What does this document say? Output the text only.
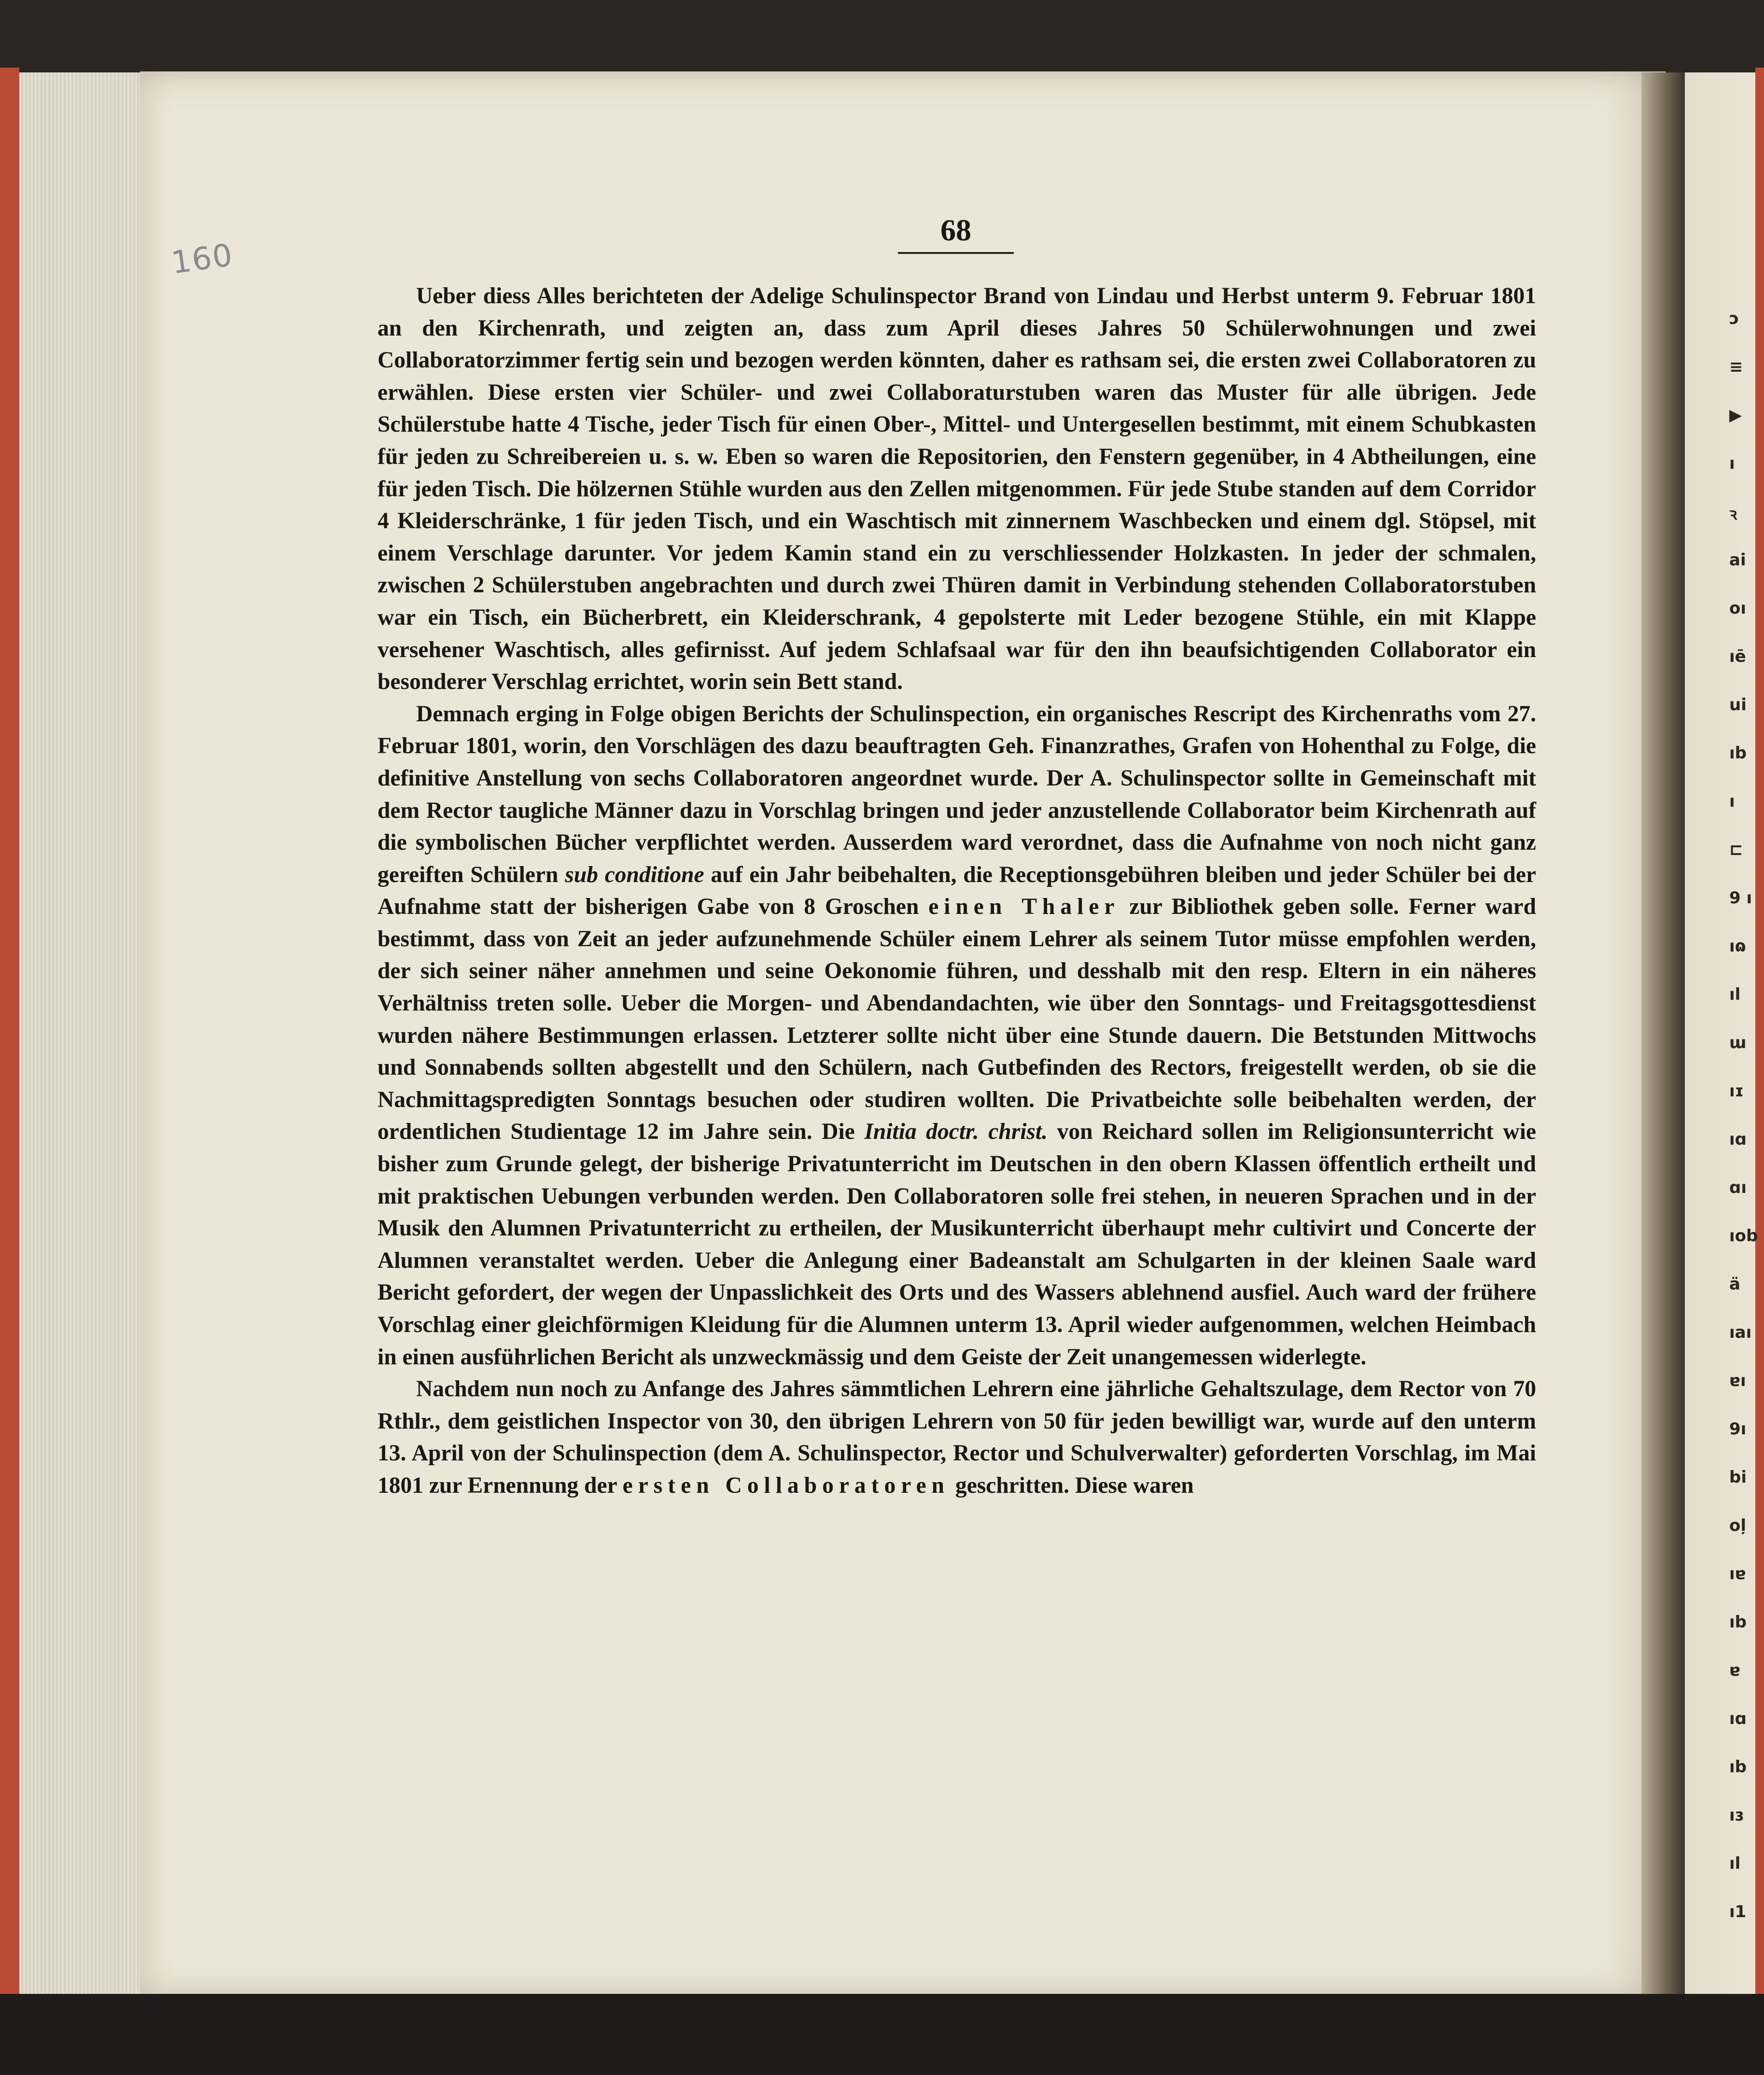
160
68

Ueber diess Alles berichteten der Adelige Schulinspector Brand von Lindau und Herbst unterm 9. Februar 1801 an den Kirchenrath, und zeigten an, dass zum April dieses Jahres 50 Schülerwohnungen und zwei Collaboratorzimmer fertig sein und bezogen werden könnten, daher es rathsam sei, die ersten zwei Collaboratoren zu erwählen. Diese ersten vier Schüler- und zwei Collaboraturstuben waren das Muster für alle übrigen. Jede Schülerstube hatte 4 Tische, jeder Tisch für einen Ober-, Mittel- und Untergesellen bestimmt, mit einem Schubkasten für jeden zu Schreibereien u. s. w. Eben so waren die Repositorien, den Fenstern gegenüber, in 4 Abtheilungen, eine für jeden Tisch. Die hölzernen Stühle wurden aus den Zellen mitgenommen. Für jede Stube standen auf dem Corridor 4 Kleiderschränke, 1 für jeden Tisch, und ein Waschtisch mit zinnernem Waschbecken und einem dgl. Stöpsel, mit einem Verschlage darunter. Vor jedem Kamin stand ein zu verschliessender Holzkasten. In jeder der schmalen, zwischen 2 Schülerstuben angebrachten und durch zwei Thüren damit in Verbindung stehenden Collaboratorstuben war ein Tisch, ein Bücherbrett, ein Kleiderschrank, 4 gepolsterte mit Leder bezogene Stühle, ein mit Klappe versehener Waschtisch, alles gefirnisst. Auf jedem Schlafsaal war für den ihn beaufsichtigenden Collaborator ein besonderer Verschlag errichtet, worin sein Bett stand.

Demnach erging in Folge obigen Berichts der Schulinspection, ein organisches Rescript des Kirchenraths vom 27. Februar 1801, worin, den Vorschlägen des dazu beauftragten Geh. Finanzrathes, Grafen von Hohenthal zu Folge, die definitive Anstellung von sechs Collaboratoren angeordnet wurde. Der A. Schulinspector sollte in Gemeinschaft mit dem Rector taugliche Männer dazu in Vorschlag bringen und jeder anzustellende Collaborator beim Kirchenrath auf die symbolischen Bücher verpflichtet werden. Ausserdem ward verordnet, dass die Aufnahme von noch nicht ganz gereiften Schülern sub conditione auf ein Jahr beibehalten, die Receptionsgebühren bleiben und jeder Schüler bei der Aufnahme statt der bisherigen Gabe von 8 Groschen einen Thaler zur Bibliothek geben solle. Ferner ward bestimmt, dass von Zeit an jeder aufzunehmende Schüler einem Lehrer als seinem Tutor müsse empfohlen werden, der sich seiner näher annehmen und seine Oekonomie führen, und desshalb mit den resp. Eltern in ein näheres Verhältniss treten solle. Ueber die Morgen- und Abendandachten, wie über den Sonntags- und Freitagsgottesdienst wurden nähere Bestimmungen erlassen. Letzterer sollte nicht über eine Stunde dauern. Die Betstunden Mittwochs und Sonnabends sollten abgestellt und den Schülern, nach Gutbefinden des Rectors, freigestellt werden, ob sie die Nachmittagspredigten Sonntags besuchen oder studiren wollten. Die Privatbeichte solle beibehalten werden, der ordentlichen Studientage 12 im Jahre sein. Die Initia doctr. christ. von Reichard sollen im Religionsunterricht wie bisher zum Grunde gelegt, der bisherige Privatunterricht im Deutschen in den obern Klassen öffentlich ertheilt und mit praktischen Uebungen verbunden werden. Den Collaboratoren solle frei stehen, in neueren Sprachen und in der Musik den Alumnen Privatunterricht zu ertheilen, der Musikunterricht überhaupt mehr cultivirt und Concerte der Alumnen veranstaltet werden. Ueber die Anlegung einer Badeanstalt am Schulgarten in der kleinen Saale ward Bericht gefordert, der wegen der Unpasslichkeit des Orts und des Wassers ablehnend ausfiel. Auch ward der frühere Vorschlag einer gleichförmigen Kleidung für die Alumnen unterm 13. April wieder aufgenommen, welchen Heimbach in einen ausführlichen Bericht als unzweckmässig und dem Geiste der Zeit unangemessen widerlegte.

Nachdem nun noch zu Anfange des Jahres sämmtlichen Lehrern eine jährliche Gehaltszulage, dem Rector von 70 Rthlr., dem geistlichen Inspector von 30, den übrigen Lehrern von 50 für jeden bewilligt war, wurde auf den unterm 13. April von der Schulinspection (dem A. Schulinspector, Rector und Schulverwalter) geforderten Vorschlag, im Mai 1801 zur Ernennung der ersten Collaboratoren geschritten. Diese waren

ɔ
≡
▶
ı
ꝛ
ai
oı
ıē
ui
ıb
ı
⊏
9 ı
ıɷ
ıl
ɯ
ıɪ
ıɑ
ɑı
ıob
ä
ıaı
ɐı
9ı
bi
oļ
ıɐ
ıb
ɐ
ıɑ
ıb
ıɜ
ıl
ı1
